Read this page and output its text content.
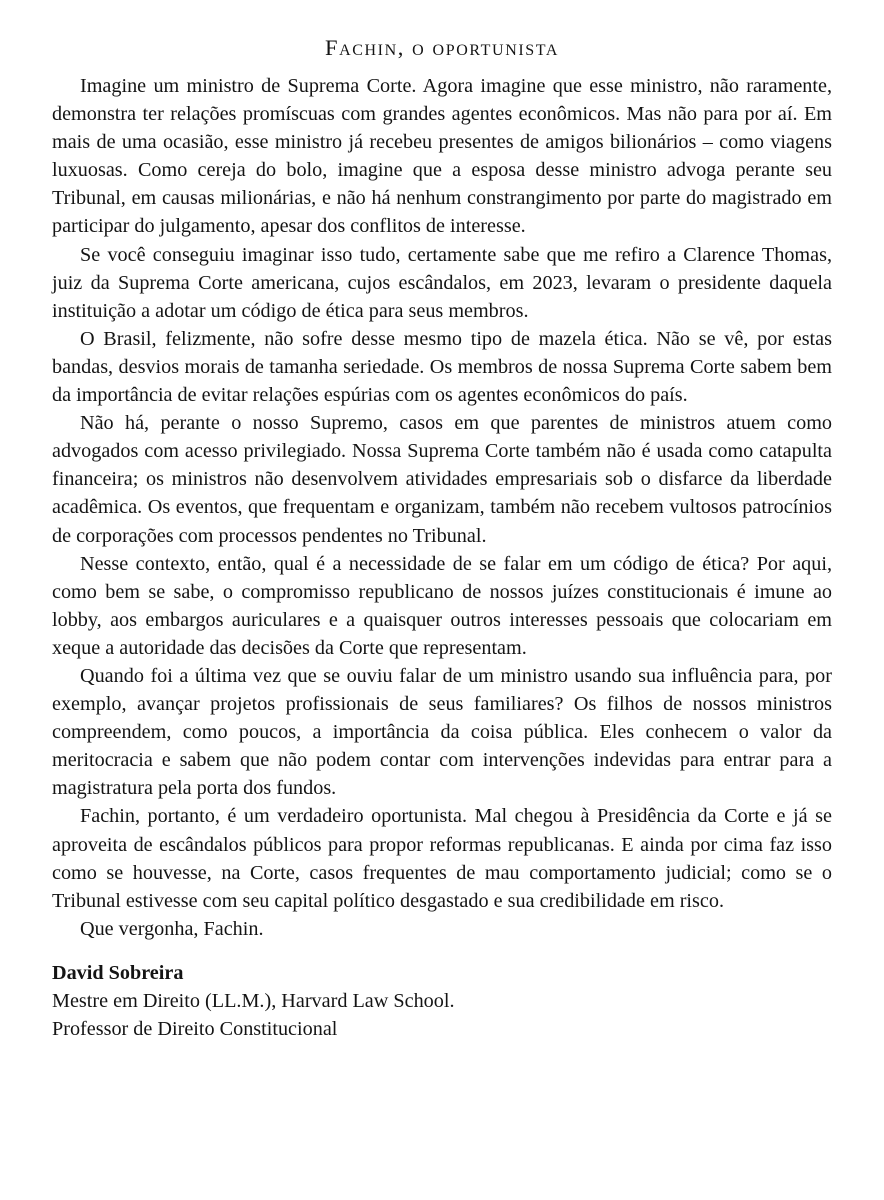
Fachin, o oportunista

Imagine um ministro de Suprema Corte. Agora imagine que esse ministro, não raramente, demonstra ter relações promíscuas com grandes agentes econômicos. Mas não para por aí. Em mais de uma ocasião, esse ministro já recebeu presentes de amigos bilionários – como viagens luxuosas. Como cereja do bolo, imagine que a esposa desse ministro advoga perante seu Tribunal, em causas milionárias, e não há nenhum constrangimento por parte do magistrado em participar do julgamento, apesar dos conflitos de interesse.

Se você conseguiu imaginar isso tudo, certamente sabe que me refiro a Clarence Thomas, juiz da Suprema Corte americana, cujos escândalos, em 2023, levaram o presidente daquela instituição a adotar um código de ética para seus membros.

O Brasil, felizmente, não sofre desse mesmo tipo de mazela ética. Não se vê, por estas bandas, desvios morais de tamanha seriedade. Os membros de nossa Suprema Corte sabem bem da importância de evitar relações espúrias com os agentes econômicos do país.

Não há, perante o nosso Supremo, casos em que parentes de ministros atuem como advogados com acesso privilegiado. Nossa Suprema Corte também não é usada como catapulta financeira; os ministros não desenvolvem atividades empresariais sob o disfarce da liberdade acadêmica. Os eventos, que frequentam e organizam, também não recebem vultosos patrocínios de corporações com processos pendentes no Tribunal.

Nesse contexto, então, qual é a necessidade de se falar em um código de ética? Por aqui, como bem se sabe, o compromisso republicano de nossos juízes constitucionais é imune ao lobby, aos embargos auriculares e a quaisquer outros interesses pessoais que colocariam em xeque a autoridade das decisões da Corte que representam.

Quando foi a última vez que se ouviu falar de um ministro usando sua influência para, por exemplo, avançar projetos profissionais de seus familiares? Os filhos de nossos ministros compreendem, como poucos, a importância da coisa pública. Eles conhecem o valor da meritocracia e sabem que não podem contar com intervenções indevidas para entrar para a magistratura pela porta dos fundos.

Fachin, portanto, é um verdadeiro oportunista. Mal chegou à Presidência da Corte e já se aproveita de escândalos públicos para propor reformas republicanas. E ainda por cima faz isso como se houvesse, na Corte, casos frequentes de mau comportamento judicial; como se o Tribunal estivesse com seu capital político desgastado e sua credibilidade em risco.

Que vergonha, Fachin.

David Sobreira
Mestre em Direito (LL.M.), Harvard Law School.
Professor de Direito Constitucional
